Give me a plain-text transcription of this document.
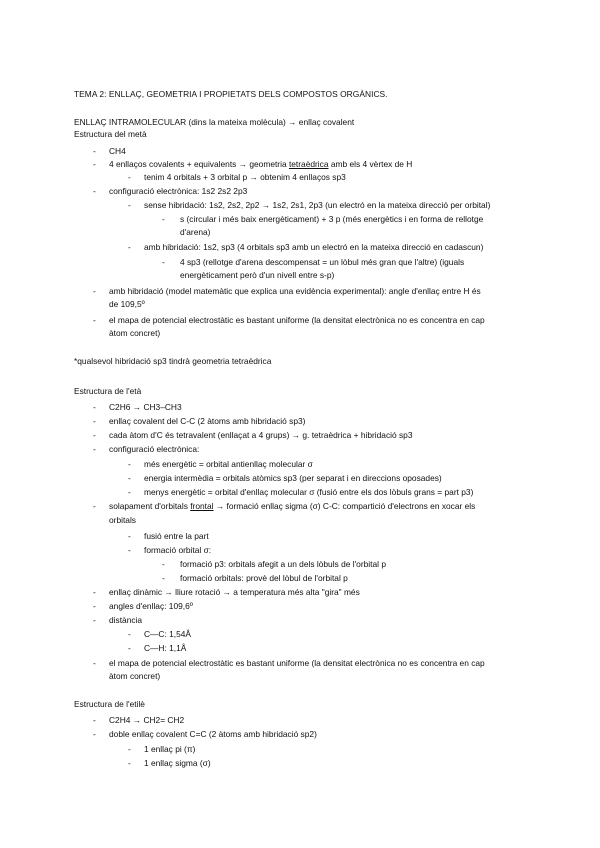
TEMA 2: ENLLAÇ, GEOMETRIA I PROPIETATS DELS COMPOSTOS ORGÀNICS.
ENLLAÇ INTRAMOLECULAR (dins la mateixa molècula) → enllaç covalent
Estructura del metà
- CH4
- 4 enllaços covalents + equivalents → geometria tetraèdrica amb els 4 vèrtex de H
- tenim 4 orbitals + 3 orbital p → obtenim 4 enllaços sp3
- configuració electrònica: 1s2 2s2 2p3
- sense hibridació: 1s2, 2s2, 2p2 → 1s2, 2s1, 2p3 (un electró en la mateixa direcció per orbital)
- s (circular i més baix energèticament) + 3 p (més energètics i en forma de rellotge
d'arena)
- amb hibridació: 1s2, sp3 (4 orbitals sp3 amb un electró en la mateixa direcció en cadascun)
- 4 sp3 (rellotge d'arena descompensat = un lòbul més gran que l'altre) (iguals
energèticament però d'un nivell entre s-p)
- amb hibridació (model matemàtic que explica una evidència experimental): angle d'enllaç entre H és
de 109,5º
- el mapa de potencial electrostàtic es bastant uniforme (la densitat electrònica no es concentra en cap
àtom concret)
*qualsevol hibridació sp3 tindrà geometria tetraèdrica
Estructura de l'età
- C2H6 → CH3–CH3
- enllaç covalent del C-C (2 àtoms amb hibridació sp3)
- cada àtom d'C és tetravalent (enllaçat a 4 grups) → g. tetraèdrica + hibridació sp3
- configuració electrònica:
- més energètic = orbital antienllaç molecular σ
- energia intermèdia = orbitals atòmics sp3 (per separat i en direccions oposades)
- menys energètic = orbital d'enllaç molecular σ (fusió entre els dos lòbuls grans = part p3)
- solapament d'orbitals frontal → formació enllaç sigma (σ) C-C: compartició d'electrons en xocar els
orbitals
- fusió entre la part
- formació orbital σ:
- formació p3: orbitals afegit a un dels lòbuls de l'orbital p
- formació orbitals: provè del lòbul de l'orbital p
- enllaç dinàmic → lliure rotació → a temperatura més alta "gira" més
- angles d'enllaç: 109,6º
- distància
- C—C: 1,54Å
- C—H: 1,1Å
- el mapa de potencial electrostàtic es bastant uniforme (la densitat electrònica no es concentra en cap
àtom concret)
Estructura de l'etilè
- C2H4 → CH2= CH2
- doble enllaç covalent C=C (2 àtoms amb hibridació sp2)
- 1 enllaç pi (π)
- 1 enllaç sigma (σ)
